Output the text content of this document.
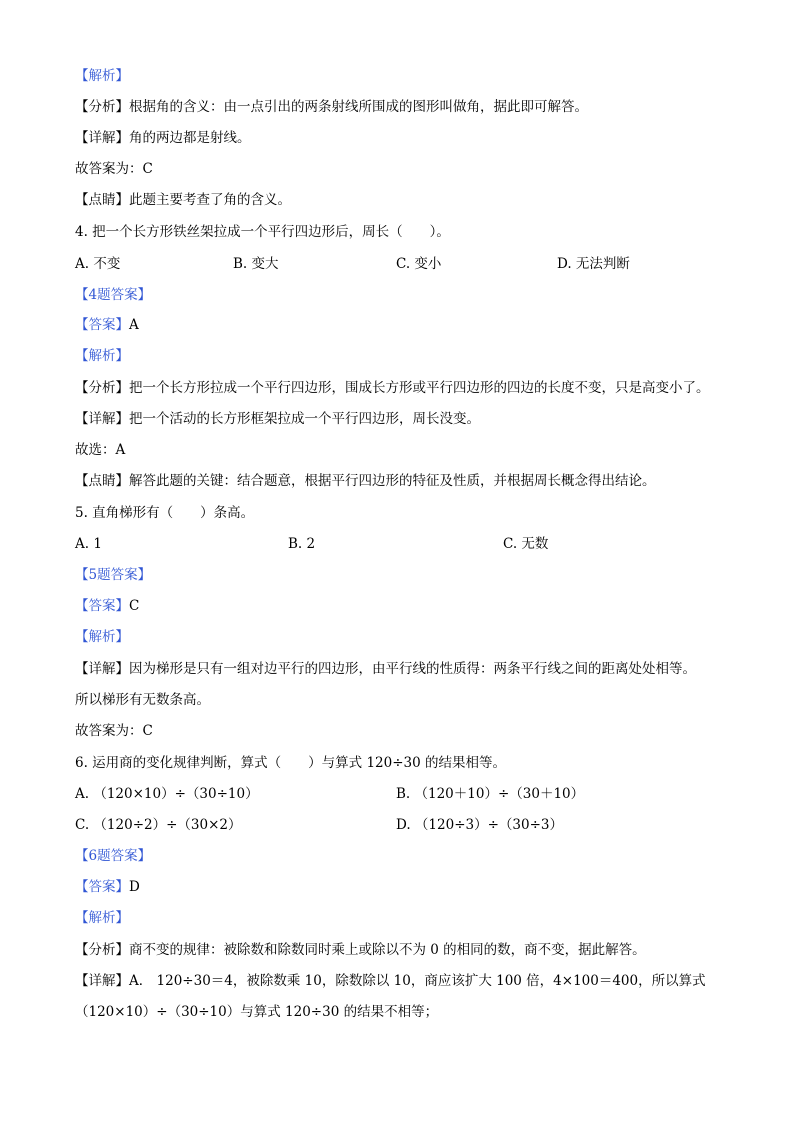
【解析】
【分析】根据角的含义：由一点引出的两条射线所围成的图形叫做角，据此即可解答。
【详解】角的两边都是射线。
故答案为：C
【点睛】此题主要考查了角的含义。
4. 把一个长方形铁丝架拉成一个平行四边形后，周长（　　）。
A. 不变	B. 变大	C. 变小	D. 无法判断
【4题答案】
【答案】A
【解析】
【分析】把一个长方形拉成一个平行四边形，围成长方形或平行四边形的四边的长度不变，只是高变小了。
【详解】把一个活动的长方形框架拉成一个平行四边形，周长没变。
故选：A
【点睛】解答此题的关键：结合题意，根据平行四边形的特征及性质，并根据周长概念得出结论。
5. 直角梯形有（　　）条高。
A. 1	B. 2	C. 无数
【5题答案】
【答案】C
【解析】
【详解】因为梯形是只有一组对边平行的四边形，由平行线的性质得：两条平行线之间的距离处处相等。
所以梯形有无数条高。
故答案为：C
6. 运用商的变化规律判断，算式（　　）与算式 120÷30 的结果相等。
A. （120×10）÷（30÷10）	B. （120＋10）÷（30＋10）
C. （120÷2）÷（30×2）	D. （120÷3）÷（30÷3）
【6题答案】
【答案】D
【解析】
【分析】商不变的规律：被除数和除数同时乘上或除以不为 0 的相同的数，商不变，据此解答。
【详解】A． 120÷30＝4，被除数乘 10，除数除以 10，商应该扩大 100 倍，4×100＝400，所以算式
（120×10）÷（30÷10）与算式 120÷30 的结果不相等；
